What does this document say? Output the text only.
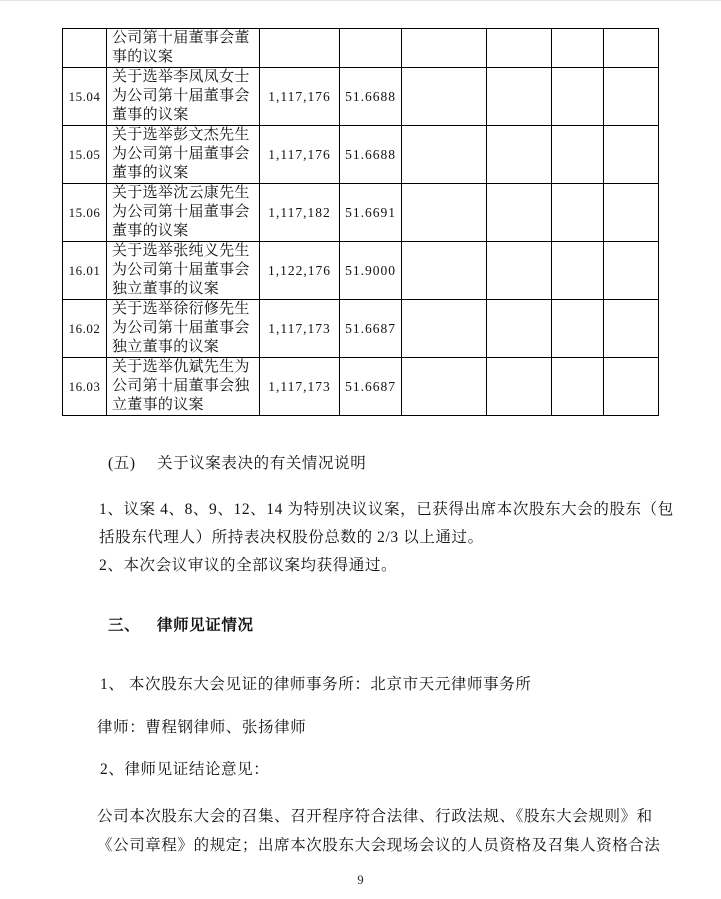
	公司第十届董事会董事的议案						
15.04	关于选举李凤凤女士为公司第十届董事会董事的议案	1,117,176	51.6688				
15.05	关于选举彭文杰先生为公司第十届董事会董事的议案	1,117,176	51.6688				
15.06	关于选举沈云康先生为公司第十届董事会董事的议案	1,117,182	51.6691				
16.01	关于选举张纯义先生为公司第十届董事会独立董事的议案	1,122,176	51.9000				
16.02	关于选举徐衍修先生为公司第十届董事会独立董事的议案	1,117,173	51.6687				
16.03	关于选举仇斌先生为公司第十届董事会独立董事的议案	1,117,173	51.6687				
(五) 关于议案表决的有关情况说明
1、议案 4、8、9、12、14 为特别决议议案，已获得出席本次股东大会的股东（包
括股东代理人）所持表决权股份总数的 2/3 以上通过。
2、本次会议审议的全部议案均获得通过。
三、 律师见证情况
1、 本次股东大会见证的律师事务所：北京市天元律师事务所
律师：曹程钢律师、张扬律师
2、律师见证结论意见：
公司本次股东大会的召集、召开程序符合法律、行政法规、《股东大会规则》和
《公司章程》的规定；出席本次股东大会现场会议的人员资格及召集人资格合法
9
